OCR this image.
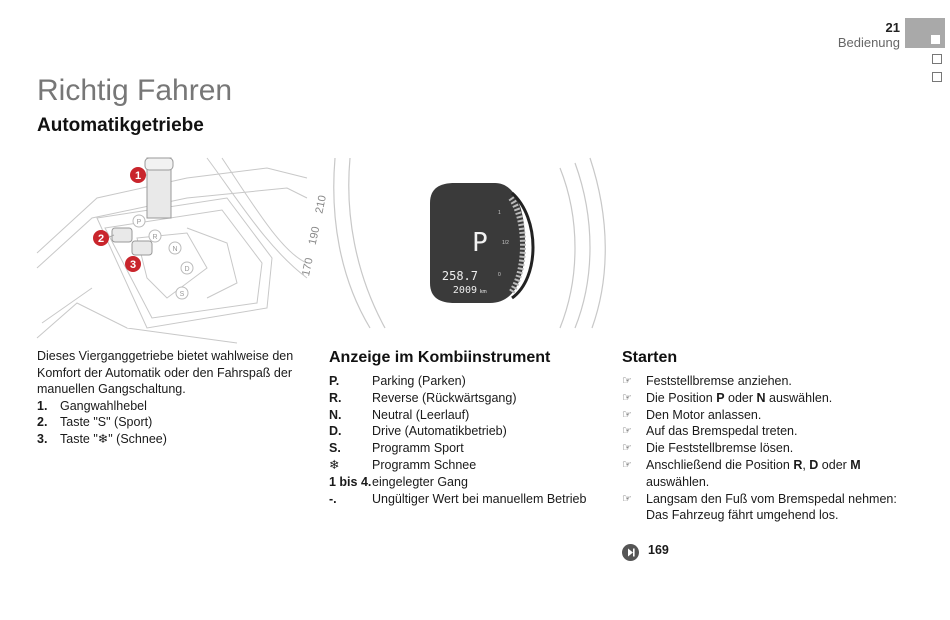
21
Bedienung
Richtig Fahren
Automatikgetriebe
P
R
N
D
S
1
2
3	170
190
210
P
258.7
2009 km
1
1/2
0

Dieses Vierganggetriebe bietet wahlweise den Komfort der Automatik oder den Fahrspaß der manuellen Gangschaltung.

1.	Gangwahlhebel
2.	Taste "S" (Sport)
3.	Taste "❄" (Schnee)
Anzeige im Kombiinstrument
P.	Parking (Parken)
R.	Reverse (Rückwärtsgang)
N.	Neutral (Leerlauf)
D.	Drive (Automatikbetrieb)
S.	Programm Sport
❄	Programm Schnee
1 bis 4. eingelegter Gang
-.	Ungültiger Wert bei manuellem Betrieb
Starten
☞	Feststellbremse anziehen.
☞	Die Position P oder N auswählen.
☞	Den Motor anlassen.
☞	Auf das Bremspedal treten.
☞	Die Feststellbremse lösen.
☞	Anschließend die Position R, D oder M auswählen.
☞	Langsam den Fuß vom Bremspedal nehmen: Das Fahrzeug fährt umgehend los.
169
